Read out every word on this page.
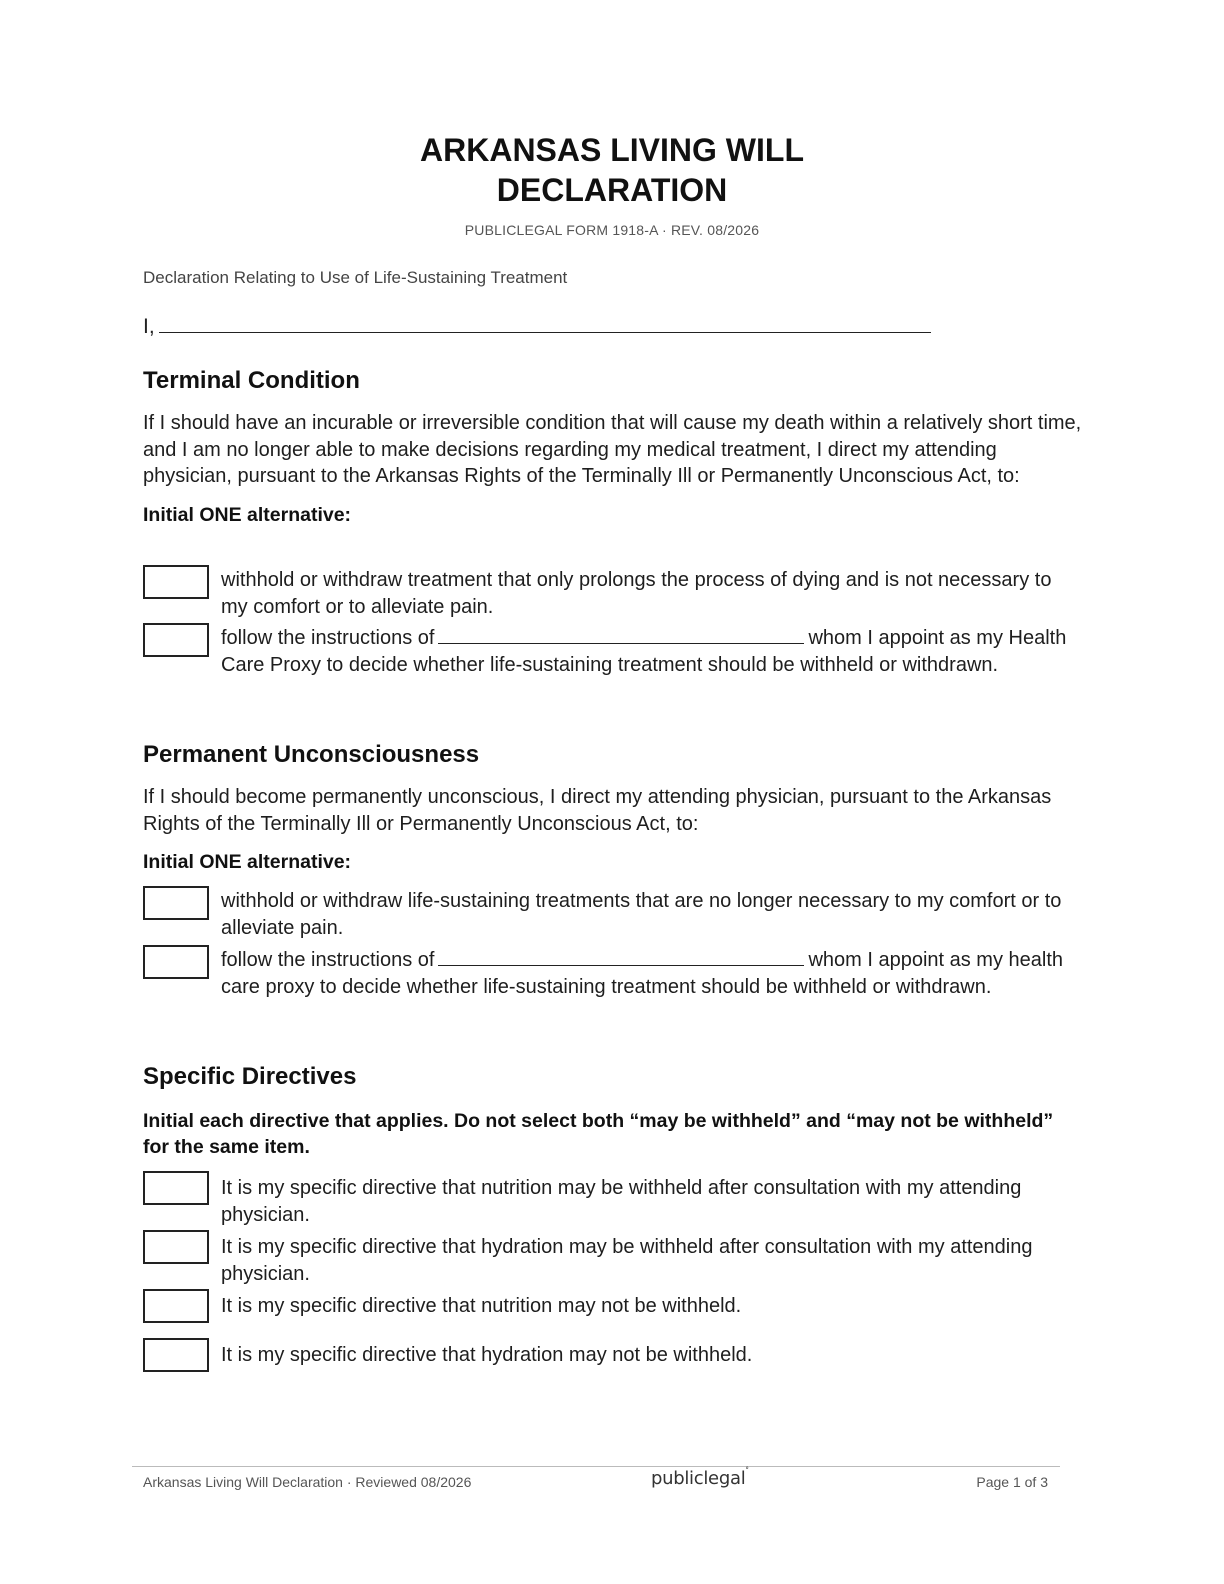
ARKANSAS LIVING WILL
DECLARATION
PUBLICLEGAL FORM 1918-A · REV. 08/2026
Declaration Relating to Use of Life-Sustaining Treatment
I,
Terminal Condition
If I should have an incurable or irreversible condition that will cause my death within a relatively short time, and I am no longer able to make decisions regarding my medical treatment, I direct my attending physician, pursuant to the Arkansas Rights of the Terminally Ill or Permanently Unconscious Act, to:
Initial ONE alternative:
withhold or withdraw treatment that only prolongs the process of dying and is not necessary to my comfort or to alleviate pain.
follow the instructions of	whom I appoint as my Health Care Proxy to decide whether life-sustaining treatment should be withheld or withdrawn.
Permanent Unconsciousness
If I should become permanently unconscious, I direct my attending physician, pursuant to the Arkansas Rights of the Terminally Ill or Permanently Unconscious Act, to:
Initial ONE alternative:
withhold or withdraw life-sustaining treatments that are no longer necessary to my comfort or to alleviate pain.
follow the instructions of	whom I appoint as my health care proxy to decide whether life-sustaining treatment should be withheld or withdrawn.
Specific Directives
Initial each directive that applies. Do not select both “may be withheld” and “may not be withheld” for the same item.
It is my specific directive that nutrition may be withheld after consultation with my attending physician.
It is my specific directive that hydration may be withheld after consultation with my attending physician.
It is my specific directive that nutrition may not be withheld.
It is my specific directive that hydration may not be withheld.
Arkansas Living Will Declaration · Reviewed 08/2026	publiclegal°
Page 1 of 3
